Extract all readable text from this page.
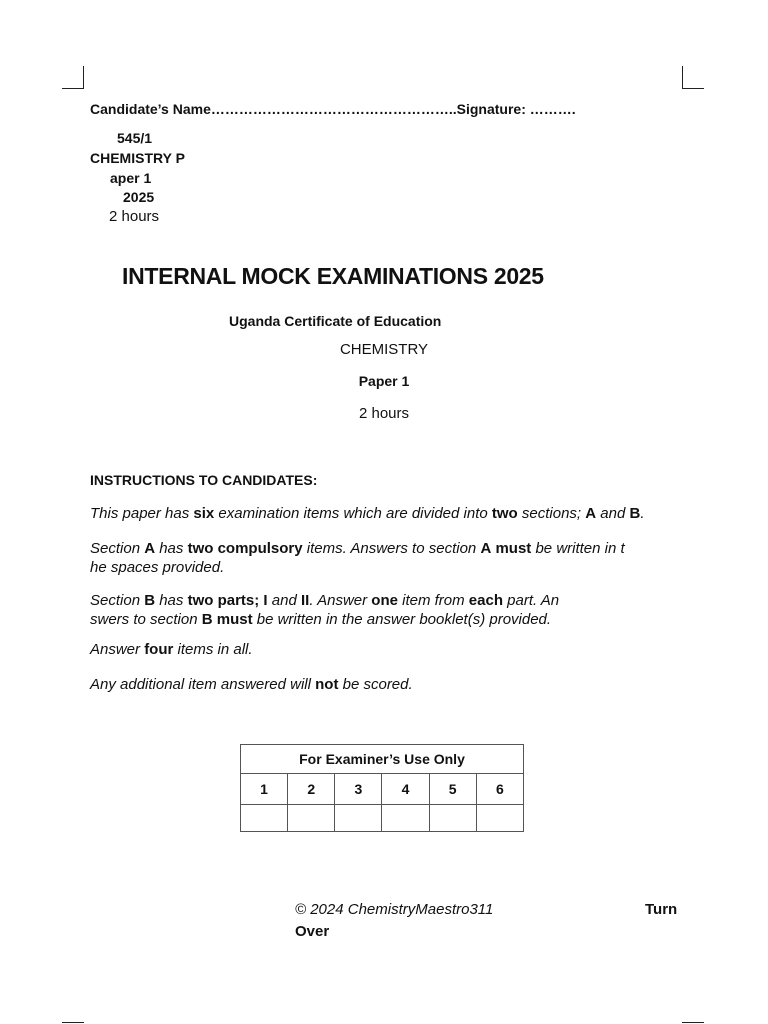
Candidate’s Name……………………………………………..Signature: ……….
545/1
CHEMISTRY P
aper 1
2025
2 hours
INTERNAL MOCK EXAMINATIONS 2025
Uganda Certificate of Education
CHEMISTRY
Paper 1
2 hours
INSTRUCTIONS TO CANDIDATES:
This paper has six examination items which are divided into two sections; A and B.
Section A has two compulsory items. Answers to section A must be written in t
he spaces provided.
Section B has two parts; I and II. Answer one item from each part. An
swers to section B must be written in the answer booklet(s) provided.
Answer four items in all.
Any additional item answered will not be scored.
For Examiner’s Use Only					
1	2	3	4	5	6

© 2024 ChemistryMaestro311	Turn
Over
